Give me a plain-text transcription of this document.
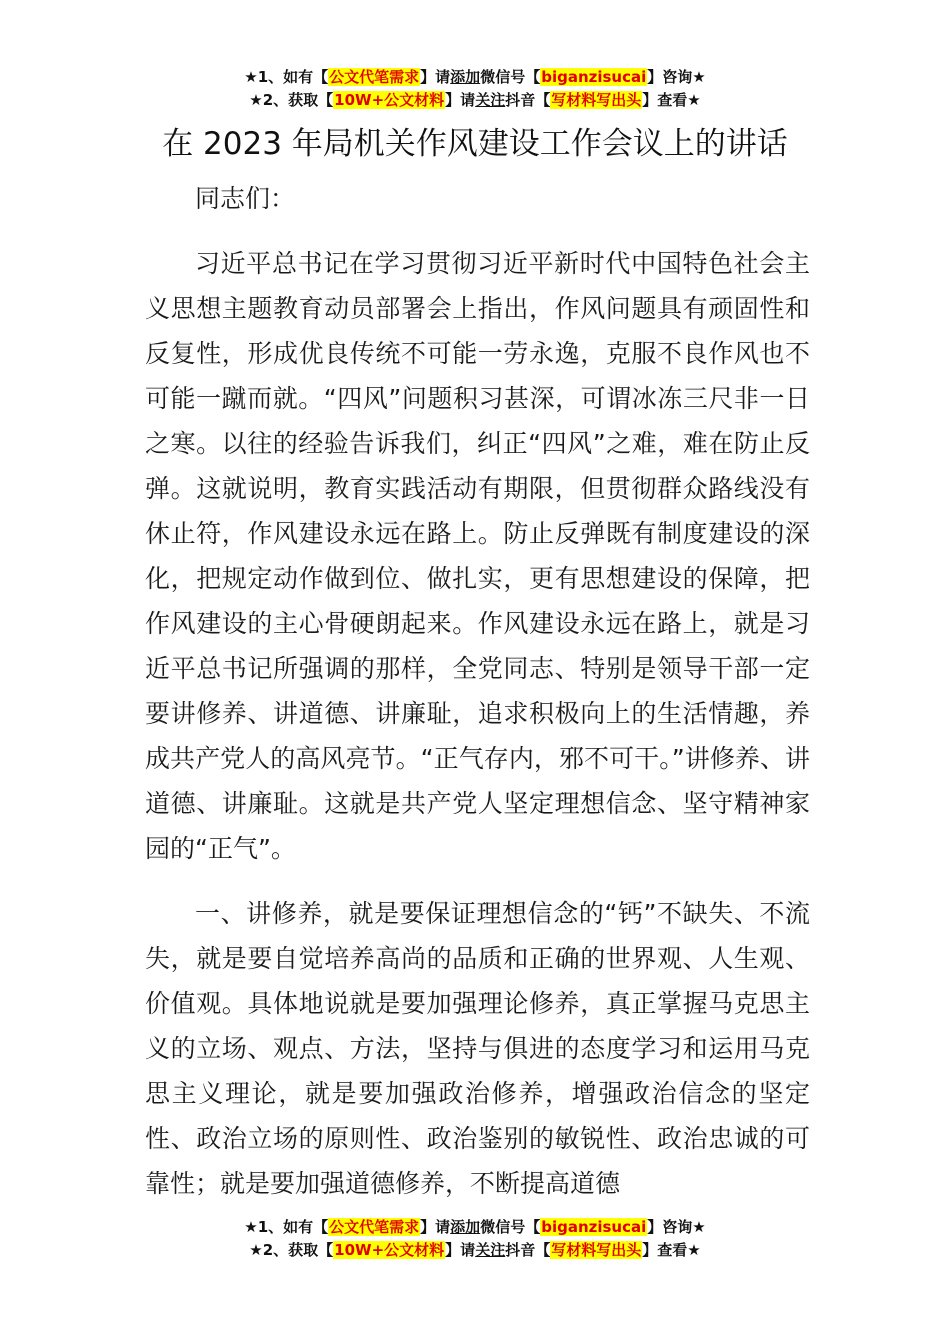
★1、如有【公文代笔需求】请添加微信号【biganzisucai】咨询★
★2、获取【10W+公文材料】请关注抖音【写材料写出头】查看★
在 2023 年局机关作风建设工作会议上的讲话

同志们：

习近平总书记在学习贯彻习近平新时代中国特色社会主义思想主题教育动员部署会上指出，作风问题具有顽固性和反复性，形成优良传统不可能一劳永逸，克服不良作风也不可能一蹴而就。“四风”问题积习甚深，可谓冰冻三尺非一日之寒。以往的经验告诉我们，纠正“四风”之难，难在防止反弹。这就说明，教育实践活动有期限，但贯彻群众路线没有休止符，作风建设永远在路上。防止反弹既有制度建设的深化，把规定动作做到位、做扎实，更有思想建设的保障，把作风建设的主心骨硬朗起来。作风建设永远在路上，就是习近平总书记所强调的那样，全党同志、特别是领导干部一定要讲修养、讲道德、讲廉耻，追求积极向上的生活情趣，养成共产党人的高风亮节。“正气存内，邪不可干。”讲修养、讲道德、讲廉耻。这就是共产党人坚定理想信念、坚守精神家园的“正气”。

一、讲修养，就是要保证理想信念的“钙”不缺失、不流失，就是要自觉培养高尚的品质和正确的世界观、人生观、价值观。具体地说就是要加强理论修养，真正掌握马克思主义的立场、观点、方法，坚持与俱进的态度学习和运用马克思主义理论，就是要加强政治修养，增强政治信念的坚定性、政治立场的原则性、政治鉴别的敏锐性、政治忠诚的可靠性；就是要加强道德修养，不断提高道德

★1、如有【公文代笔需求】请添加微信号【biganzisucai】咨询★
★2、获取【10W+公文材料】请关注抖音【写材料写出头】查看★
